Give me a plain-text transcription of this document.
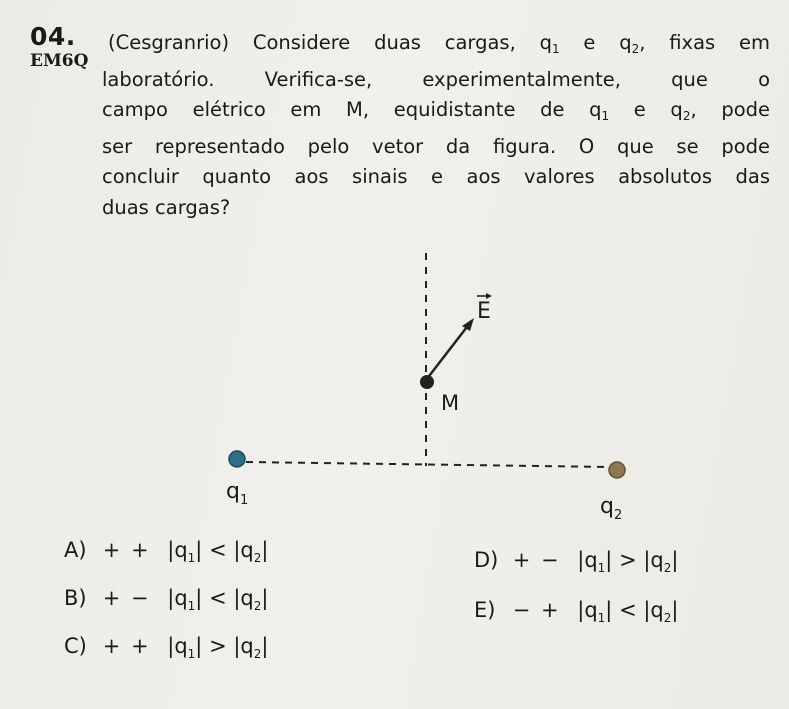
04.
EM6Q
(Cesgranrio) Considere duas cargas, $q_1$ e $q_2$, fixas em
laboratório. Verifica-se, experimentalmente, que o
campo elétrico em M, equidistante de $q_1$ e $q_2$, pode
ser representado pelo vetor da figura. O que se pode
concluir quanto aos sinais e aos valores absolutos das
duas cargas?
E
M
$q_1$	$q_2$
A) + + $|q_1| < |q_2|$
B) + − $|q_1| < |q_2|$
C) + + $|q_1| > |q_2|$
D) + − $|q_1| > |q_2|$
E) − + $|q_1| < |q_2|$
